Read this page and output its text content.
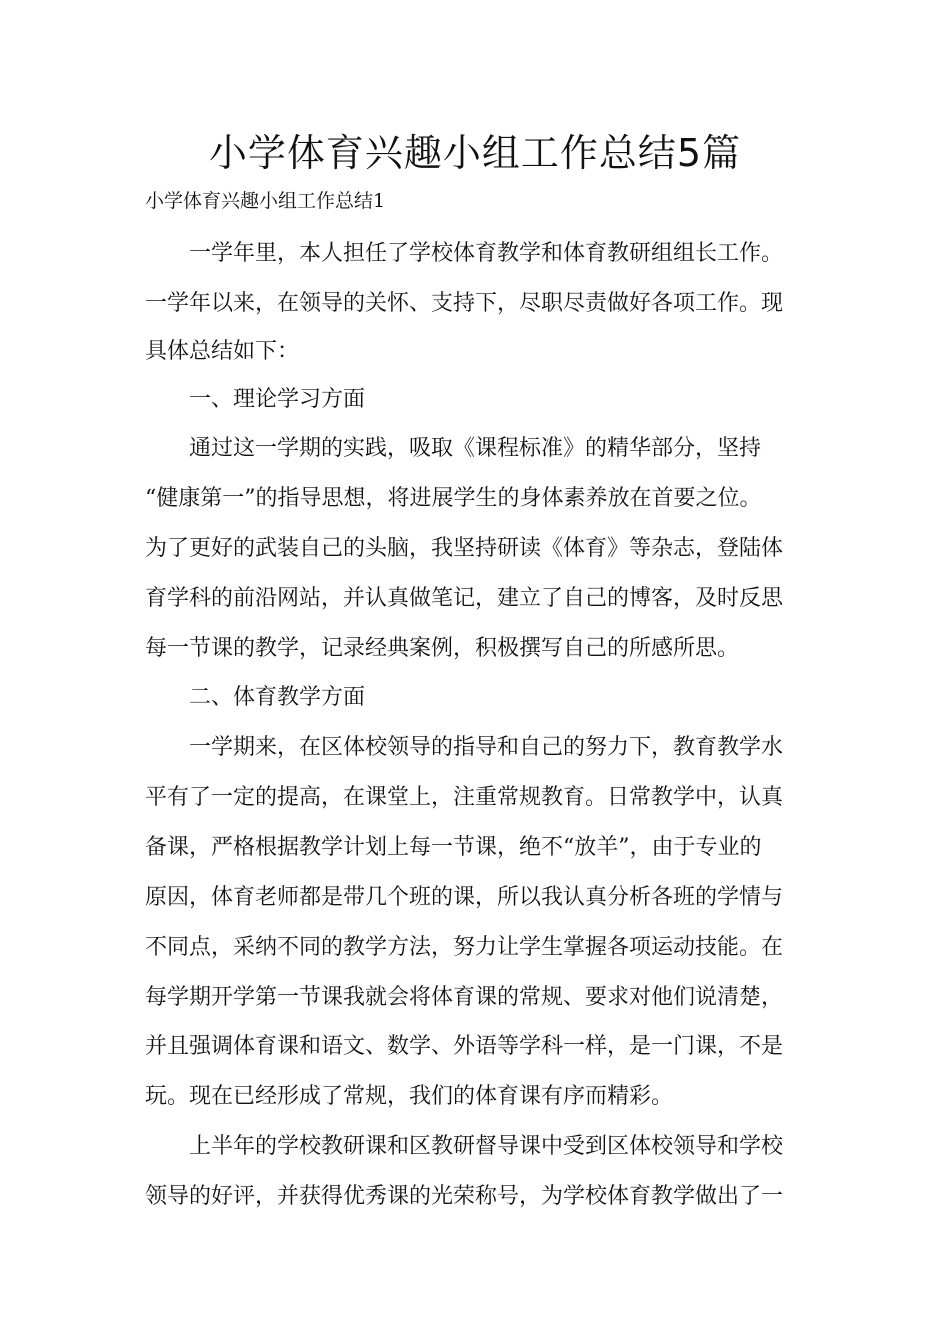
小学体育兴趣小组工作总结5篇
小学体育兴趣小组工作总结1
　　一学年里，本人担任了学校体育教学和体育教研组组长工作。
一学年以来，在领导的关怀、支持下，尽职尽责做好各项工作。现
具体总结如下：
　　一、理论学习方面
　　通过这一学期的实践，吸取《课程标准》的精华部分，坚持
“健康第一”的指导思想，将进展学生的身体素养放在首要之位。
为了更好的武装自己的头脑，我坚持研读《体育》等杂志，登陆体
育学科的前沿网站，并认真做笔记，建立了自己的博客，及时反思
每一节课的教学，记录经典案例，积极撰写自己的所感所思。
　　二、体育教学方面
　　一学期来，在区体校领导的指导和自己的努力下，教育教学水
平有了一定的提高，在课堂上，注重常规教育。日常教学中，认真
备课，严格根据教学计划上每一节课，绝不“放羊”，由于专业的
原因，体育老师都是带几个班的课，所以我认真分析各班的学情与
不同点，采纳不同的教学方法，努力让学生掌握各项运动技能。在
每学期开学第一节课我就会将体育课的常规、要求对他们说清楚，
并且强调体育课和语文、数学、外语等学科一样，是一门课，不是
玩。现在已经形成了常规，我们的体育课有序而精彩。
　　上半年的学校教研课和区教研督导课中受到区体校领导和学校
领导的好评，并获得优秀课的光荣称号，为学校体育教学做出了一
